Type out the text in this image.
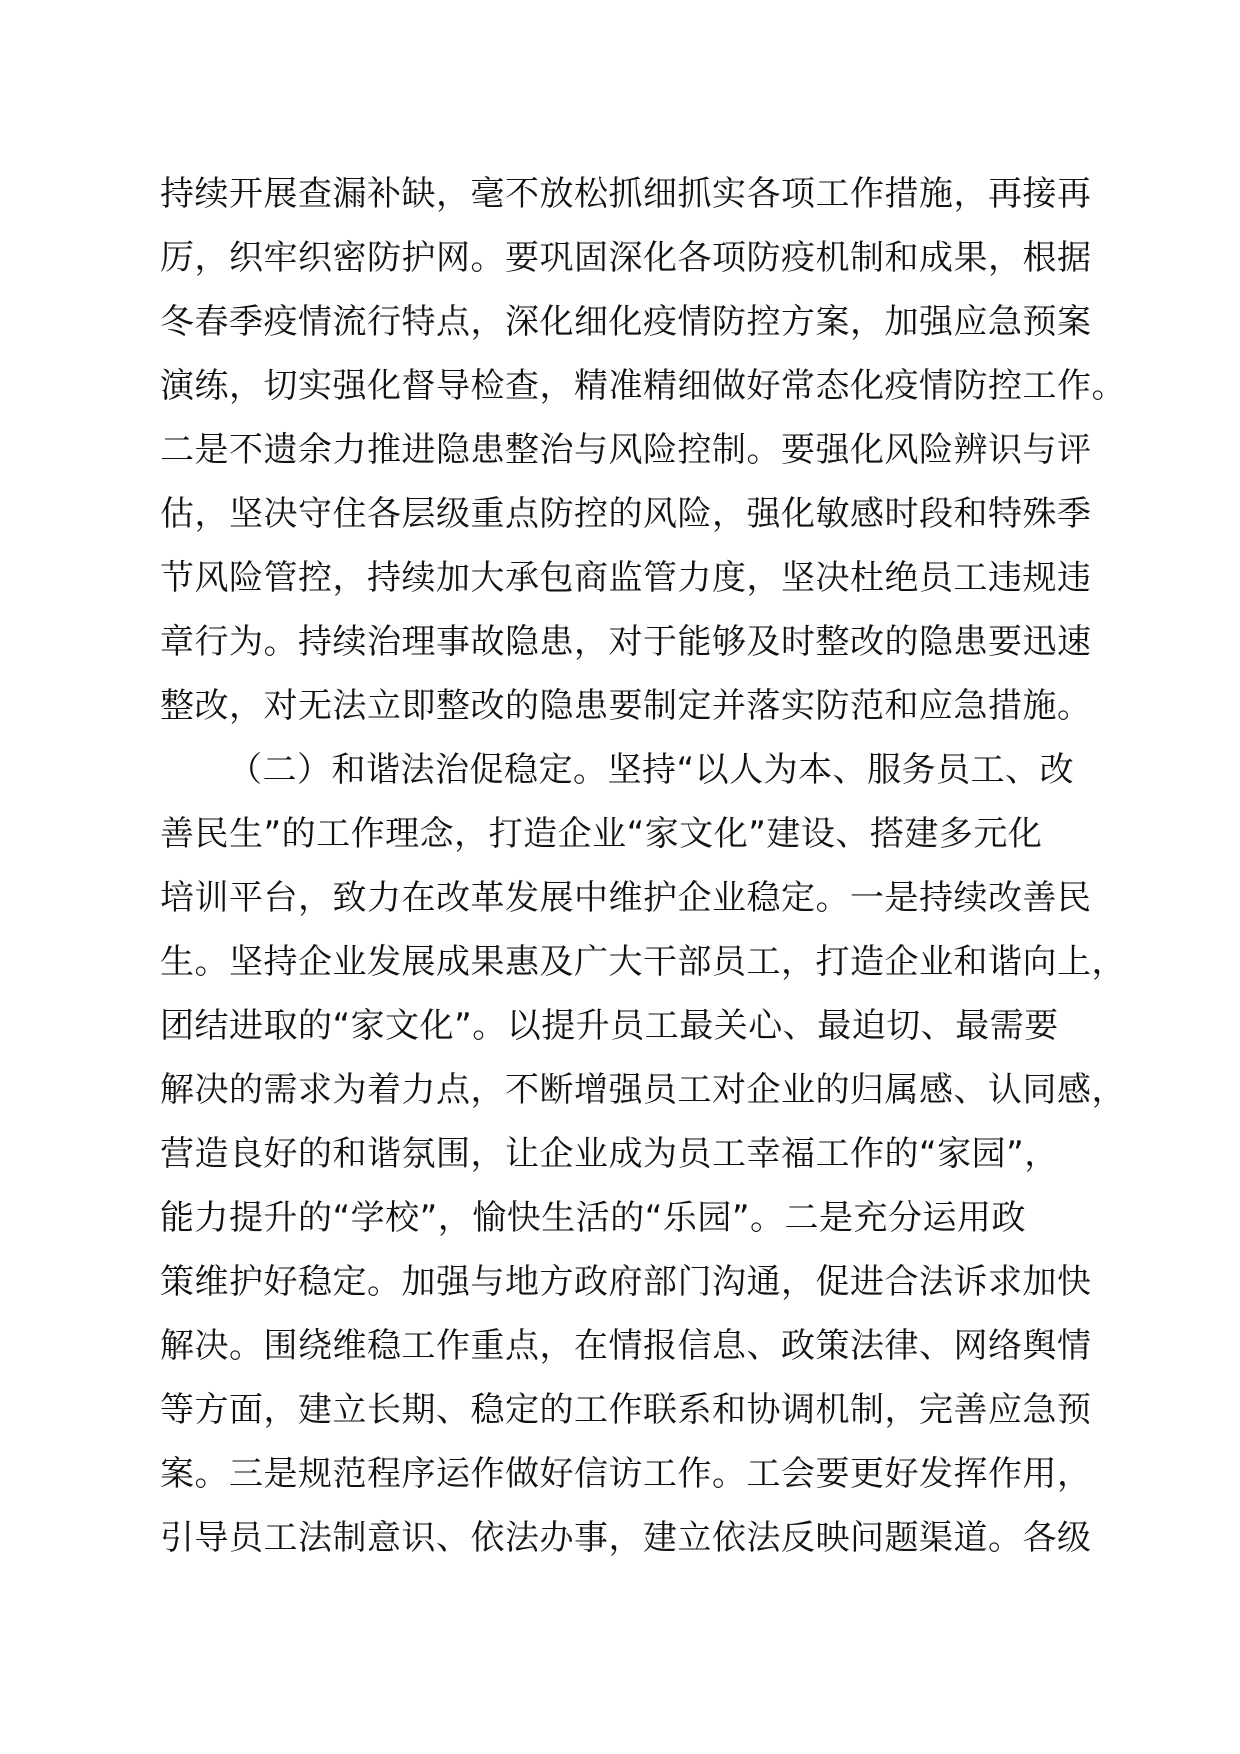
持续开展查漏补缺，毫不放松抓细抓实各项工作措施，再接再
厉，织牢织密防护网。要巩固深化各项防疫机制和成果，根据
冬春季疫情流行特点，深化细化疫情防控方案，加强应急预案
演练，切实强化督导检查，精准精细做好常态化疫情防控工作。
二是不遗余力推进隐患整治与风险控制。要强化风险辨识与评
估，坚决守住各层级重点防控的风险，强化敏感时段和特殊季
节风险管控，持续加大承包商监管力度，坚决杜绝员工违规违
章行为。持续治理事故隐患，对于能够及时整改的隐患要迅速
整改，对无法立即整改的隐患要制定并落实防范和应急措施。
（二）和谐法治促稳定。坚持“以人为本、服务员工、改
善民生”的工作理念，打造企业“家文化”建设、搭建多元化
培训平台，致力在改革发展中维护企业稳定。一是持续改善民
生。坚持企业发展成果惠及广大干部员工，打造企业和谐向上，
团结进取的“家文化”。以提升员工最关心、最迫切、最需要
解决的需求为着力点，不断增强员工对企业的归属感、认同感，
营造良好的和谐氛围，让企业成为员工幸福工作的“家园”，
能力提升的“学校”，愉快生活的“乐园”。二是充分运用政
策维护好稳定。加强与地方政府部门沟通，促进合法诉求加快
解决。围绕维稳工作重点，在情报信息、政策法律、网络舆情
等方面，建立长期、稳定的工作联系和协调机制，完善应急预
案。三是规范程序运作做好信访工作。工会要更好发挥作用，
引导员工法制意识、依法办事，建立依法反映问题渠道。各级
